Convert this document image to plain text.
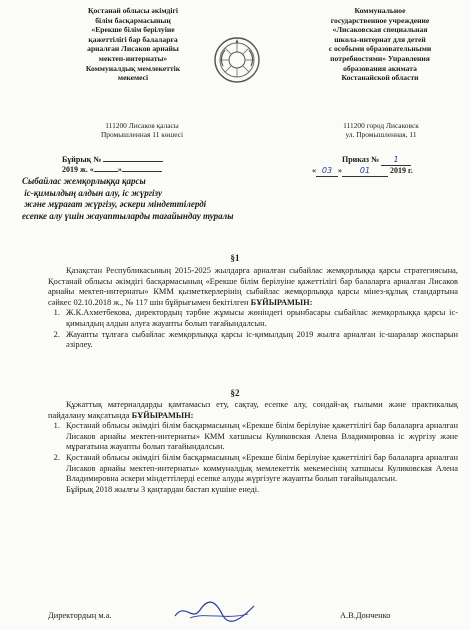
Қостанай облысы әкімдігі
білім басқармасының
«Ерекше білім берілуіне
қажеттілігі бар балаларға
арналған Лисаков арнайы
мектеп-интернаты»
Коммуналдық мемлекеттік
мекемесі
Коммунальное
государственное учреждение
«Лисаковская специальная
школа-интернат для детей
с особыми образовательными
потребностями» Управления
образования акимата
Костанайской области
111200 Лисаков қаласы
Промышленная 11 көшесі
111200 город Лисаковск
ул. Промышленная, 11
Бұйрық №
2019 ж. «	»
Приказ № 1
« 03 » 01 2019 г.
Сыбайлас жемқорлыққа қарсы
іс-қимылдың алдын алу, іс жүргізу
және мұрағат жүргізу, әскери міндеттілерді
есепке алу үшін жауаптыларды тағайындау туралы
§1
Қазақстан Республикасының 2015-2025 жылдарға арналған сыбайлас жемқорлыққа қарсы стратегиясына, Қостанай облысы әкімдігі басқармасының «Ерекше білім берілуіне қажеттілігі бар балаларға арналған Лисаков арнайы мектеп-интернаты» КММ қызметкерлерінің сыбайлас жемқорлыққа қарсы мінез-құлық стандартына сәйкес 02.10.2018 ж., № 117 шін бұйрығымен бекітілген БҰЙЫРАМЫН:
1. Ж.К.Ахметбекова, директордың тәрбие жұмысы жөніндегі орынбасары сыбайлас жемқорлыққа қарсы іс-қимылдың алдын алуға жауапты болып тағайындалсын.
2. Жауапты тұлғаға сыбайлас жемқорлыққа қарсы іс-қимылдың 2019 жылға арналған іс-шаралар жоспарын әзірлеу.
§2
Құжаттық материалдарды қамтамасыз ету, сақтау, есепке алу, сондай-ақ ғылыми және практикалық пайдалану мақсатында БҰЙЫРАМЫН:
1. Қостанай облысы әкімдігі білім басқармасының «Ерекше білім берілуіне қажеттілігі бар балаларға арналған Лисаков арнайы мектеп-интернаты» КММ хатшысы Куликовская Алена Владимировна іс жүргізу және мұрағатына жауапты болып тағайындалсын.
2. Қостанай облысы әкімдігі білім басқармасының «Ерекше білім берілуіне қажеттілігі бар балаларға арналған Лисаков арнайы мектеп-интернаты» коммуналдық мемлекеттік мекемесінің хатшысы Куликовская Алена Владимировна әскери міндеттілерді есепке алуды жүргізуге жауапты болып тағайындалсын.
Бұйрық 2018 жылғы 3 қаңтардан бастап күшіне енеді.
Директордың м.а.	А.В.Донченко
